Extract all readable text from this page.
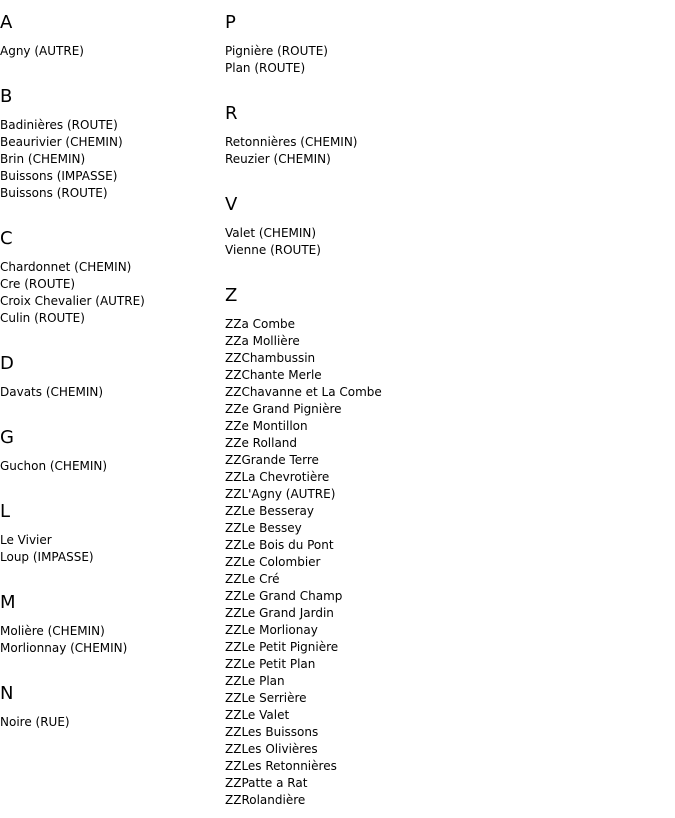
A
Agny (AUTRE)
B
Badinières (ROUTE)
Beaurivier (CHEMIN)
Brin (CHEMIN)
Buissons (IMPASSE)
Buissons (ROUTE)
C
Chardonnet (CHEMIN)
Cre (ROUTE)
Croix Chevalier (AUTRE)
Culin (ROUTE)
D
Davats (CHEMIN)
G
Guchon (CHEMIN)
L
Le Vivier
Loup (IMPASSE)
M
Molière (CHEMIN)
Morlionnay (CHEMIN)
N
Noire (RUE)
P
Pignière (ROUTE)
Plan (ROUTE)
R
Retonnières (CHEMIN)
Reuzier (CHEMIN)
V
Valet (CHEMIN)
Vienne (ROUTE)
Z
ZZa Combe
ZZa Mollière
ZZChambussin
ZZChante Merle
ZZChavanne et La Combe
ZZe Grand Pignière
ZZe Montillon
ZZe Rolland
ZZGrande Terre
ZZLa Chevrotière
ZZL'Agny (AUTRE)
ZZLe Besseray
ZZLe Bessey
ZZLe Bois du Pont
ZZLe Colombier
ZZLe Cré
ZZLe Grand Champ
ZZLe Grand Jardin
ZZLe Morlionay
ZZLe Petit Pignière
ZZLe Petit Plan
ZZLe Plan
ZZLe Serrière
ZZLe Valet
ZZLes Buissons
ZZLes Olivières
ZZLes Retonnières
ZZPatte a Rat
ZZRolandière
